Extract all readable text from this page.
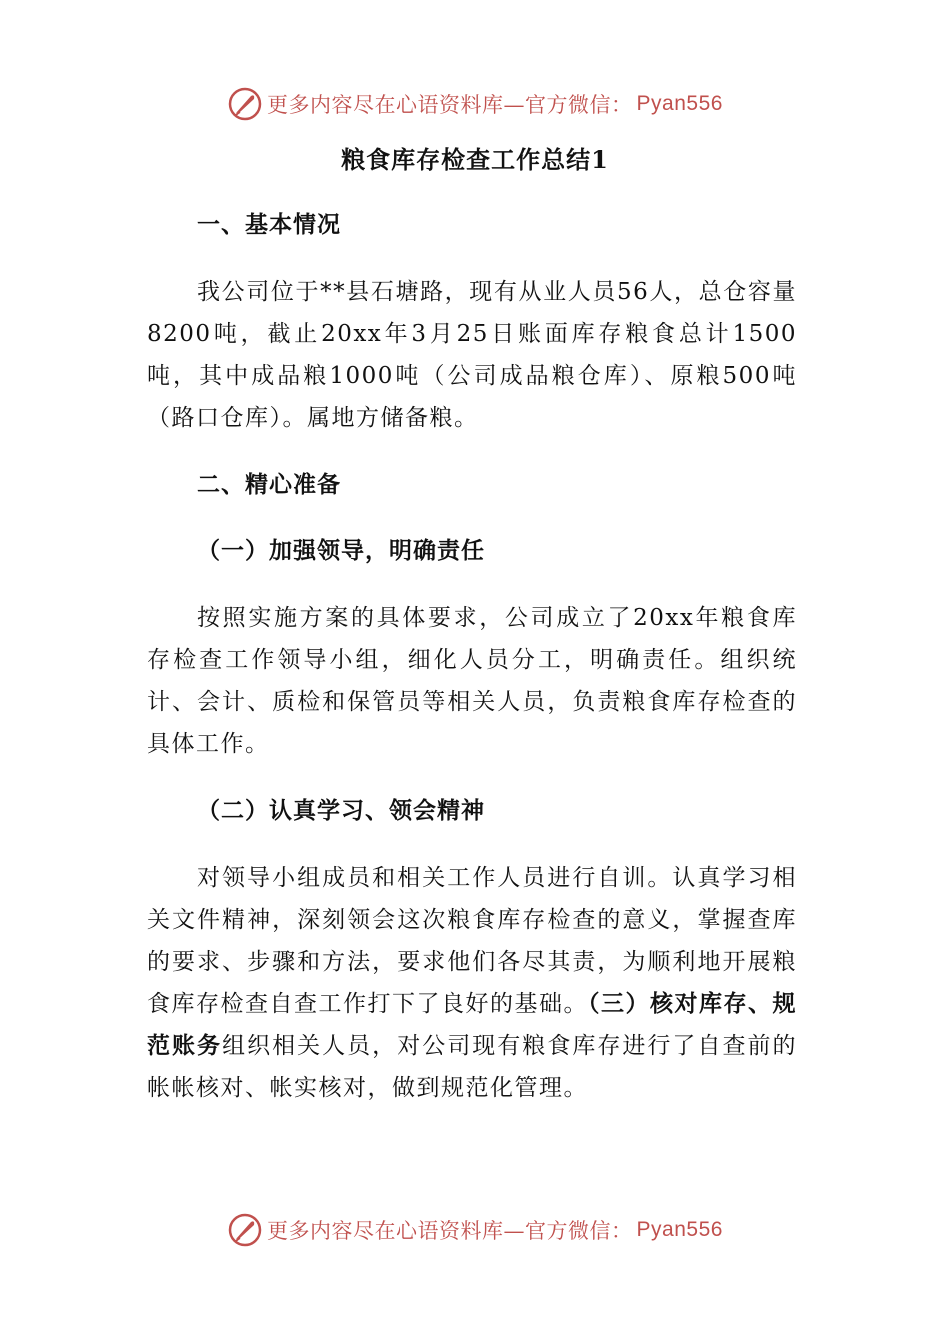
更多内容尽在心语资料库—官方微信： Pyan556
粮食库存检查工作总结1
一、基本情况

我公司位于**县石塘路，现有从业人员56人，总仓容量8200吨，截止20xx年3月25日账面库存粮食总计1500吨，其中成品粮1000吨（公司成品粮仓库）、原粮500吨（路口仓库）。属地方储备粮。

二、精心准备
（一）加强领导，明确责任

按照实施方案的具体要求，公司成立了20xx年粮食库存检查工作领导小组，细化人员分工，明确责任。组织统计、会计、质检和保管员等相关人员，负责粮食库存检查的具体工作。

（二）认真学习、领会精神

对领导小组成员和相关工作人员进行自训。认真学习相关文件精神，深刻领会这次粮食库存检查的意义，掌握查库的要求、步骤和方法，要求他们各尽其责，为顺利地开展粮食库存检查自查工作打下了良好的基础。（三）核对库存、规范账务组织相关人员，对公司现有粮食库存进行了自查前的帐帐核对、帐实核对，做到规范化管理。

更多内容尽在心语资料库—官方微信： Pyan556
